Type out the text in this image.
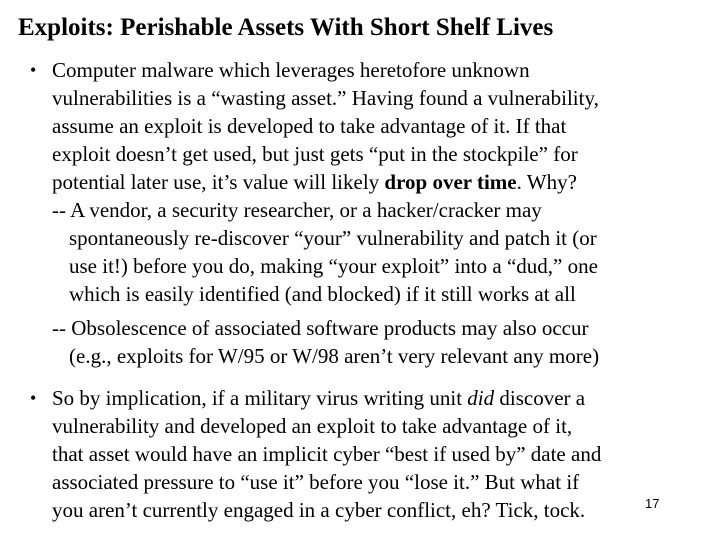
Exploits: Perishable Assets With Short Shelf Lives
• Computer malware which leverages heretofore unknown
vulnerabilities is a “wasting asset.” Having found a vulnerability,
assume an exploit is developed to take advantage of it. If that
exploit doesn’t get used, but just gets “put in the stockpile” for
potential later use, it’s value will likely drop over time. Why?
-- A vendor, a security researcher, or a hacker/cracker may
spontaneously re-discover “your” vulnerability and patch it (or
use it!) before you do, making “your exploit” into a “dud,” one
which is easily identified (and blocked) if it still works at all
-- Obsolescence of associated software products may also occur
(e.g., exploits for W/95 or W/98 aren’t very relevant any more)
• So by implication, if a military virus writing unit did discover a
vulnerability and developed an exploit to take advantage of it,
that asset would have an implicit cyber “best if used by” date and
associated pressure to “use it” before you “lose it.” But what if
you aren’t currently engaged in a cyber conflict, eh? Tick, tock.	17
